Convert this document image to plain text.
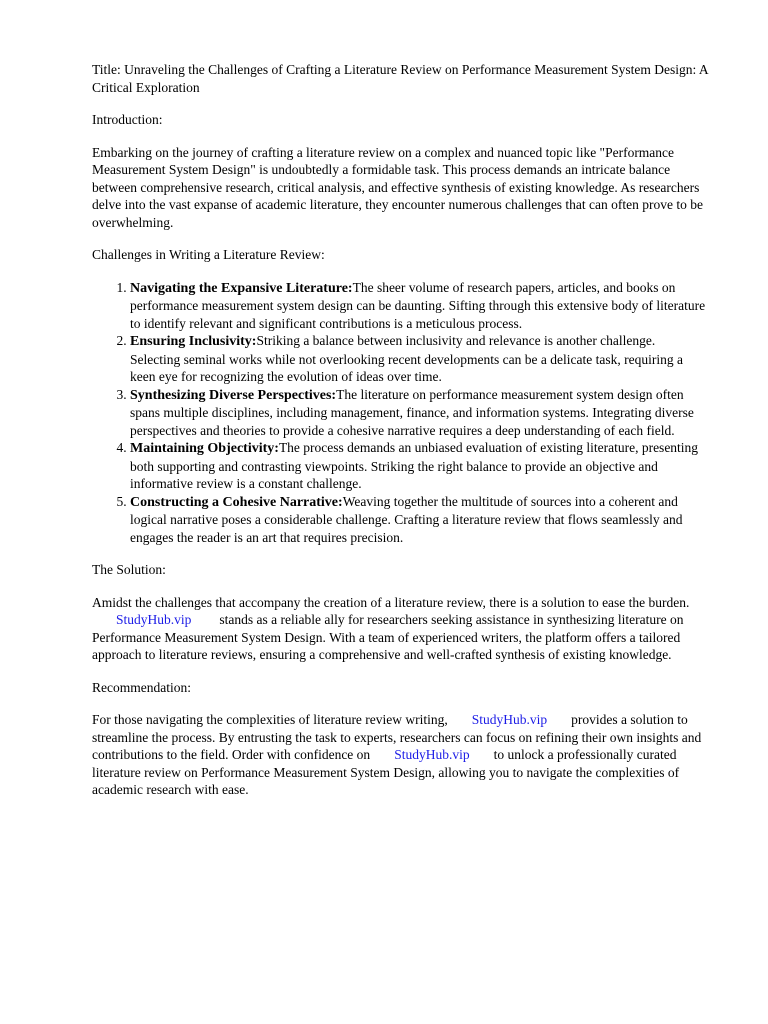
Title: Unraveling the Challenges of Crafting a Literature Review on Performance Measurement System Design: A Critical Exploration

Introduction:

Embarking on the journey of crafting a literature review on a complex and nuanced topic like "Performance Measurement System Design" is undoubtedly a formidable task. This process demands an intricate balance between comprehensive research, critical analysis, and effective synthesis of existing knowledge. As researchers delve into the vast expanse of academic literature, they encounter numerous challenges that can often prove to be overwhelming.

Challenges in Writing a Literature Review:

1. Navigating the Expansive Literature:The sheer volume of research papers, articles, and books on performance measurement system design can be daunting. Sifting through this extensive body of literature to identify relevant and significant contributions is a meticulous process.
2. Ensuring Inclusivity:Striking a balance between inclusivity and relevance is another challenge. Selecting seminal works while not overlooking recent developments can be a delicate task, requiring a keen eye for recognizing the evolution of ideas over time.
3. Synthesizing Diverse Perspectives:The literature on performance measurement system design often spans multiple disciplines, including management, finance, and information systems. Integrating diverse perspectives and theories to provide a cohesive narrative requires a deep understanding of each field.
4. Maintaining Objectivity:The process demands an unbiased evaluation of existing literature, presenting both supporting and contrasting viewpoints. Striking the right balance to provide an objective and informative review is a constant challenge.
5. Constructing a Cohesive Narrative:Weaving together the multitude of sources into a coherent and logical narrative poses a considerable challenge. Crafting a literature review that flows seamlessly and engages the reader is an art that requires precision.

The Solution:

Amidst the challenges that accompany the creation of a literature review, there is a solution to ease the burden.StudyHub.vip stands as a reliable ally for researchers seeking assistance in synthesizing literature on Performance Measurement System Design. With a team of experienced writers, the platform offers a tailored approach to literature reviews, ensuring a comprehensive and well-crafted synthesis of existing knowledge.

Recommendation:

For those navigating the complexities of literature review writing, StudyHub.vip provides a solution to streamline the process. By entrusting the task to experts, researchers can focus on refining their own insights and contributions to the field. Order with confidence on StudyHub.vip to unlock a professionally curated literature review on Performance Measurement System Design, allowing you to navigate the complexities of academic research with ease.
